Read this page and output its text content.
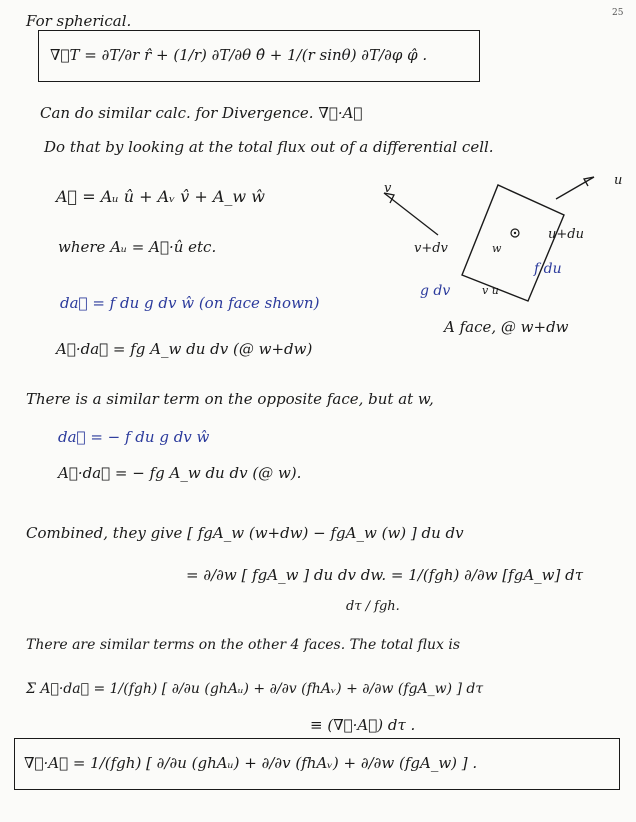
25
For spherical.
∇⃗T = ∂T/∂r r̂ + (1/r) ∂T/∂θ θ̂ + 1/(r sinθ) ∂T/∂φ φ̂ .
Can do similar calc. for Divergence. ∇⃗·A⃗
Do that by looking at the total flux out of a differential cell.
A⃗ = Aᵤ û + Aᵥ v̂ + A_w ŵ
where Aᵤ = A⃗·û etc.
da⃗ = f du g dv ŵ (on face shown)
A⃗·da⃗ = fg A_w du dv (@ w+dw)
There is a similar term on the opposite face, but at w,
da⃗ = − f du g dv ŵ
A⃗·da⃗ = − fg A_w du dv (@ w).
Combined, they give [ fgA_w (w+dw) − fgA_w (w) ] du dv
= ∂/∂w [ fgA_w ] du dv dw. = 1/(fgh) ∂/∂w [fgA_w] dτ
dτ / fgh.
There are similar terms on the other 4 faces. The total flux is
Σ A⃗·da⃗ = 1/(fgh) [ ∂/∂u (ghAᵤ) + ∂/∂v (fhAᵥ) + ∂/∂w (fgA_w) ] dτ
≡ (∇⃗·A⃗) dτ .
∇⃗·A⃗ = 1/(fgh) [ ∂/∂u (ghAᵤ) + ∂/∂v (fhAᵥ) + ∂/∂w (fgA_w) ] .
v
u
u+du
v+dv	w
f du
g dv	v u
A face, @ w+dw
